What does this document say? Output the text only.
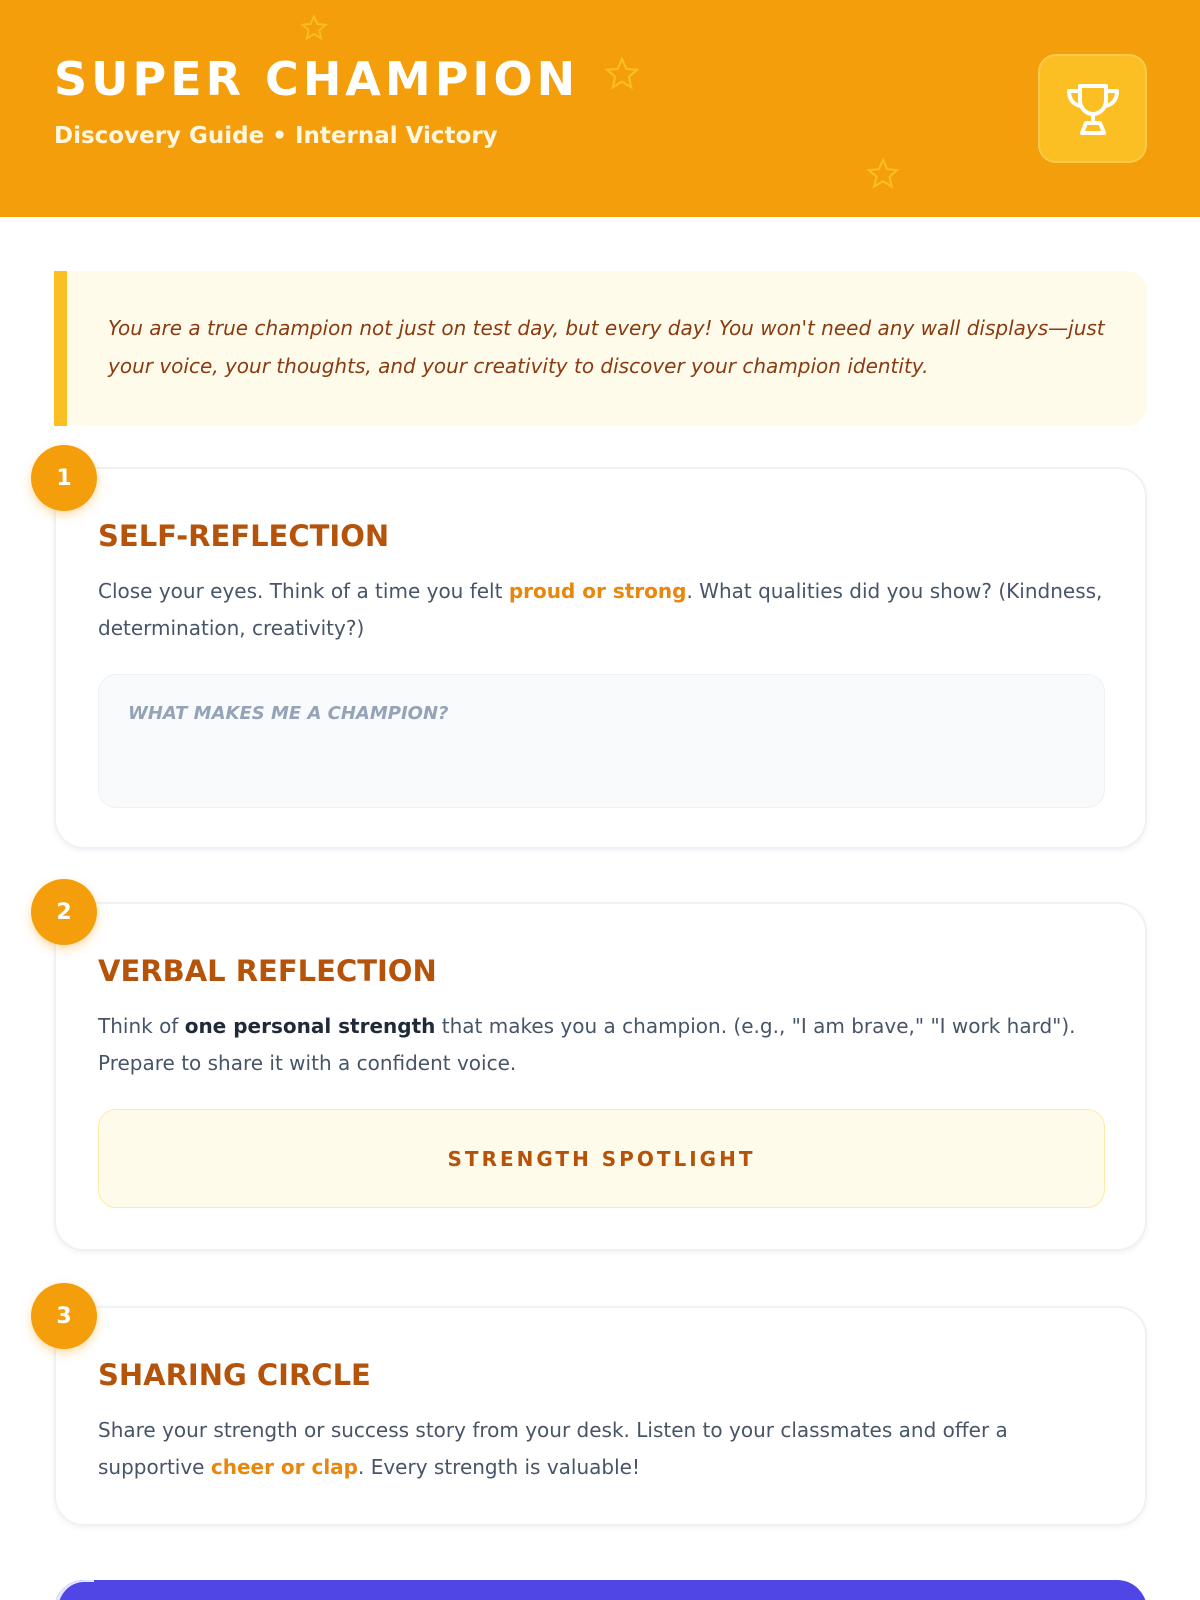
SUPER CHAMPION
Discovery Guide • Internal Victory

You are a true champion not just on test day, but every day! You won't need any wall displays—just your voice, your thoughts, and your creativity to discover your champion identity.

SELF-REFLECTION
Close your eyes. Think of a time you felt proud or strong. What qualities did you show? (Kindness, determination, creativity?)
WHAT MAKES ME A CHAMPION?
1
VERBAL REFLECTION
Think of one personal strength that makes you a champion. (e.g., "I am brave," "I work hard"). Prepare to share it with a confident voice.
STRENGTH SPOTLIGHT
2
SHARING CIRCLE
Share your strength or success story from your desk. Listen to your classmates and offer a supportive cheer or clap. Every strength is valuable!
3
